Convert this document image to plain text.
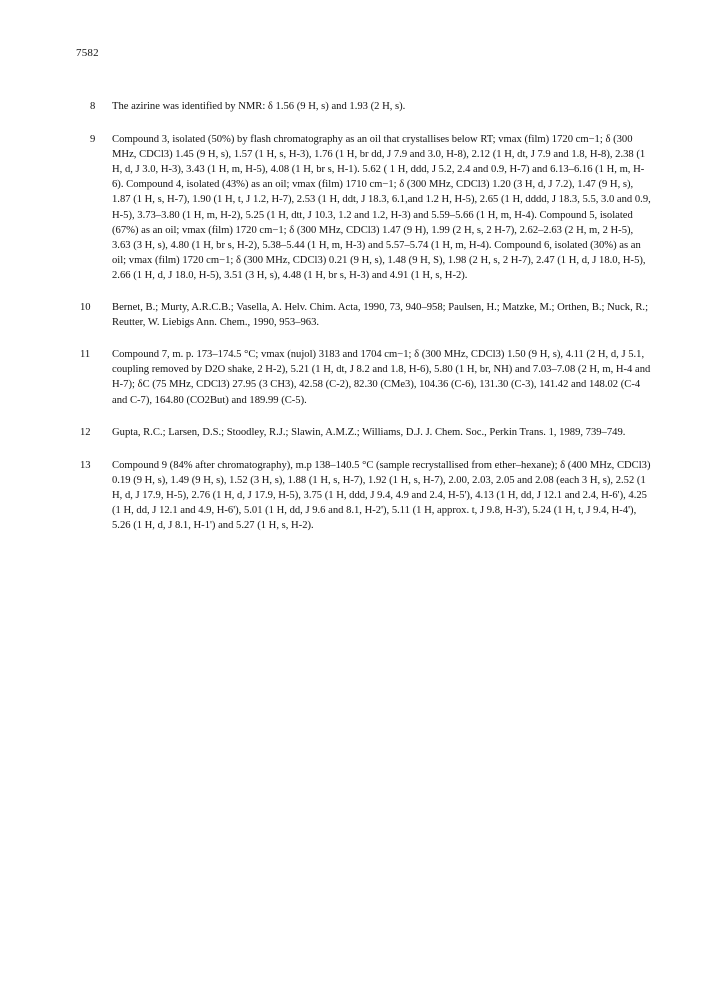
7582
8	The azirine was identified by NMR: δ 1.56 (9 H, s) and 1.93 (2 H, s).
9	Compound 3, isolated (50%) by flash chromatography as an oil that crystallises below RT; vmax (film) 1720 cm−1; δ (300 MHz, CDCl3) 1.45 (9 H, s), 1.57 (1 H, s, H-3), 1.76 (1 H, br dd, J 7.9 and 3.0, H-8), 2.12 (1 H, dt, J 7.9 and 1.8, H-8), 2.38 (1 H, d, J 3.0, H-3), 3.43 (1 H, m, H-5), 4.08 (1 H, br s, H-1). 5.62 ( 1 H, ddd, J 5.2, 2.4 and 0.9, H-7) and 6.13–6.16 (1 H, m, H-6). Compound 4, isolated (43%) as an oil; vmax (film) 1710 cm−1; δ (300 MHz, CDCl3) 1.20 (3 H, d, J 7.2), 1.47 (9 H, s), 1.87 (1 H, s, H-7), 1.90 (1 H, t, J 1.2, H-7), 2.53 (1 H, ddt, J 18.3, 6.1,and 1.2 H, H-5), 2.65 (1 H, dddd, J 18.3, 5.5, 3.0 and 0.9, H-5), 3.73–3.80 (1 H, m, H-2), 5.25 (1 H, dtt, J 10.3, 1.2 and 1.2, H-3) and 5.59–5.66 (1 H, m, H-4). Compound 5, isolated (67%) as an oil; vmax (film) 1720 cm−1; δ (300 MHz, CDCl3) 1.47 (9 H), 1.99 (2 H, s, 2 H-7), 2.62–2.63 (2 H, m, 2 H-5), 3.63 (3 H, s), 4.80 (1 H, br s, H-2), 5.38–5.44 (1 H, m, H-3) and 5.57–5.74 (1 H, m, H-4). Compound 6, isolated (30%) as an oil; vmax (film) 1720 cm−1; δ (300 MHz, CDCl3) 0.21 (9 H, s), 1.48 (9 H, S), 1.98 (2 H, s, 2 H-7), 2.47 (1 H, d, J 18.0, H-5), 2.66 (1 H, d, J 18.0, H-5), 3.51 (3 H, s), 4.48 (1 H, br s, H-3) and 4.91 (1 H, s, H-2).
10	Bernet, B.; Murty, A.R.C.B.; Vasella, A. Helv. Chim. Acta, 1990, 73, 940–958; Paulsen, H.; Matzke, M.; Orthen, B.; Nuck, R.; Reutter, W. Liebigs Ann. Chem., 1990, 953–963.
11	Compound 7, m. p. 173–174.5 °C; vmax (nujol) 3183 and 1704 cm−1; δ (300 MHz, CDCl3) 1.50 (9 H, s), 4.11 (2 H, d, J 5.1, coupling removed by D2O shake, 2 H-2), 5.21 (1 H, dt, J 8.2 and 1.8, H-6), 5.80 (1 H, br, NH) and 7.03–7.08 (2 H, m, H-4 and H-7); δC (75 MHz, CDCl3) 27.95 (3 CH3), 42.58 (C-2), 82.30 (CMe3), 104.36 (C-6), 131.30 (C-3), 141.42 and 148.02 (C-4 and C-7), 164.80 (CO2But) and 189.99 (C-5).
12	Gupta, R.C.; Larsen, D.S.; Stoodley, R.J.; Slawin, A.M.Z.; Williams, D.J. J. Chem. Soc., Perkin Trans. 1, 1989, 739–749.
13	Compound 9 (84% after chromatography), m.p 138–140.5 °C (sample recrystallised from ether–hexane); δ (400 MHz, CDCl3) 0.19 (9 H, s), 1.49 (9 H, s), 1.52 (3 H, s), 1.88 (1 H, s, H-7), 1.92 (1 H, s, H-7), 2.00, 2.03, 2.05 and 2.08 (each 3 H, s), 2.52 (1 H, d, J 17.9, H-5), 2.76 (1 H, d, J 17.9, H-5), 3.75 (1 H, ddd, J 9.4, 4.9 and 2.4, H-5'), 4.13 (1 H, dd, J 12.1 and 2.4, H-6'), 4.25 (1 H, dd, J 12.1 and 4.9, H-6'), 5.01 (1 H, dd, J 9.6 and 8.1, H-2'), 5.11 (1 H, approx. t, J 9.8, H-3'), 5.24 (1 H, t, J 9.4, H-4'), 5.26 (1 H, d, J 8.1, H-1') and 5.27 (1 H, s, H-2).
